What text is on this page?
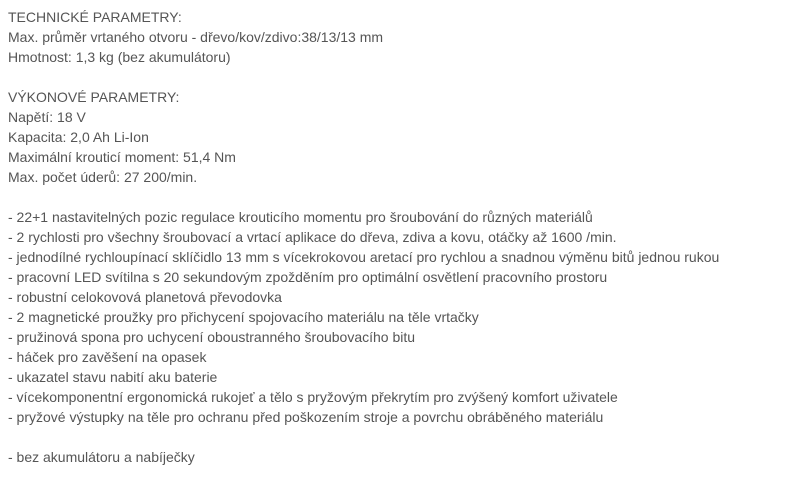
TECHNICKÉ PARAMETRY:
Max. průměr vrtaného otvoru - dřevo/kov/zdivo:38/13/13 mm
Hmotnost: 1,3 kg (bez akumulátoru)
VÝKONOVÉ PARAMETRY:
Napětí: 18 V
Kapacita: 2,0 Ah Li-Ion
Maximální krouticí moment: 51,4 Nm
Max. počet úderů: 27 200/min.
- 22+1 nastavitelných pozic regulace krouticího momentu pro šroubování do různých materiálů
- 2 rychlosti pro všechny šroubovací a vrtací aplikace do dřeva, zdiva a kovu, otáčky až 1600 /min.
- jednodílné rychloupínací sklíčidlo 13 mm s vícekrokovou aretací pro rychlou a snadnou výměnu bitů jednou rukou
- pracovní LED svítilna s 20 sekundovým zpožděním pro optimální osvětlení pracovního prostoru
- robustní celokovová planetová převodovka
- 2 magnetické proužky pro přichycení spojovacího materiálu na těle vrtačky
- pružinová spona pro uchycení oboustranného šroubovacího bitu
- háček pro zavěšení na opasek
- ukazatel stavu nabití aku baterie
- vícekomponentní ergonomická rukojeť a tělo s pryžovým překrytím pro zvýšený komfort uživatele
- pryžové výstupky na těle pro ochranu před poškozením stroje a povrchu obráběného materiálu
- bez akumulátoru a nabíječky
